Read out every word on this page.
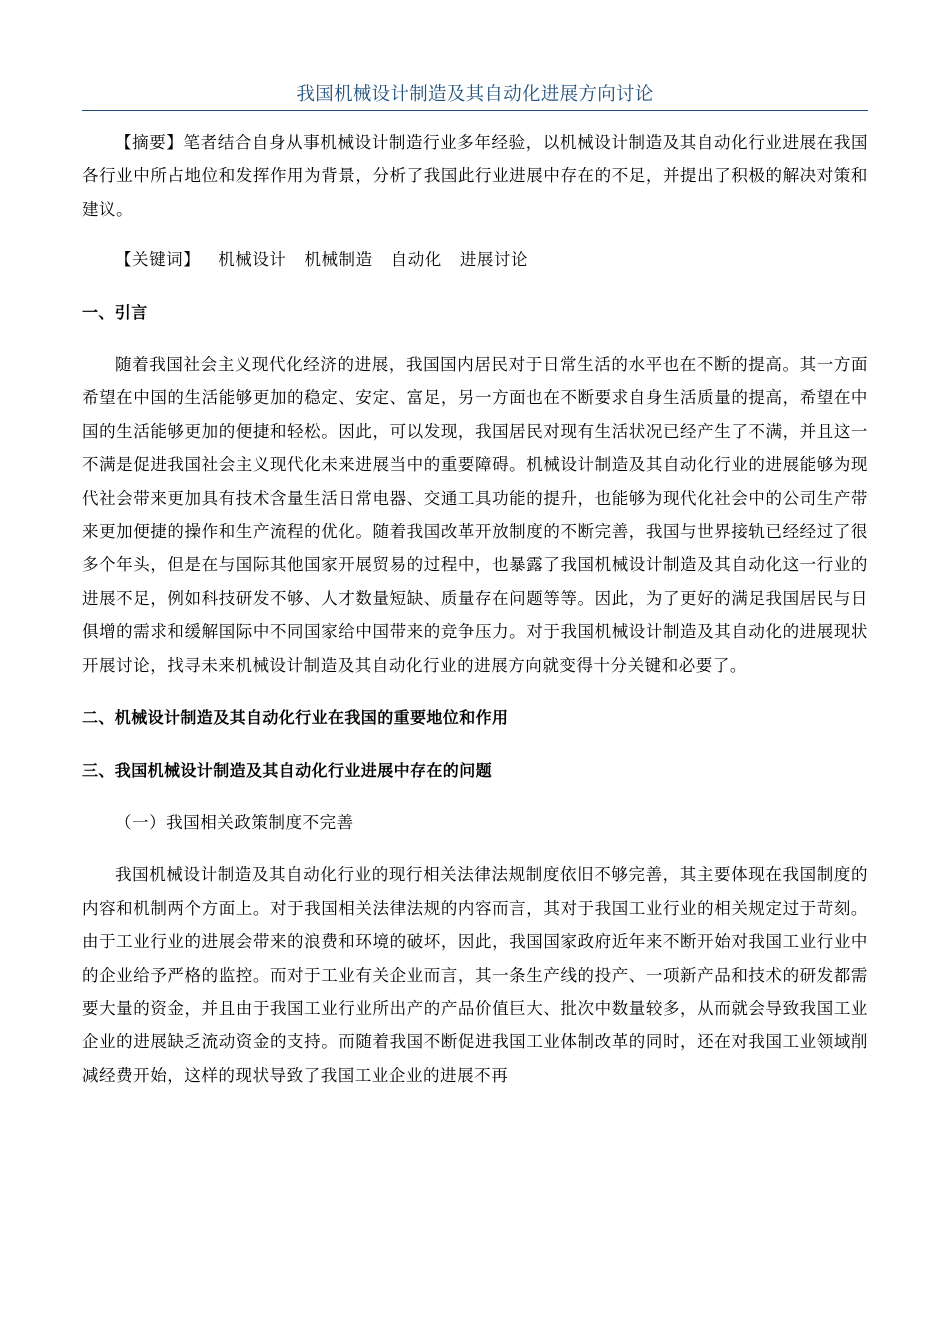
我国机械设计制造及其自动化进展方向讨论

【摘要】笔者结合自身从事机械设计制造行业多年经验，以机械设计制造及其自动化行业进展在我国各行业中所占地位和发挥作用为背景，分析了我国此行业进展中存在的不足，并提出了积极的解决对策和建议。

【关键词】 机械设计 机械制造 自动化 进展讨论

一、引言

随着我国社会主义现代化经济的进展，我国国内居民对于日常生活的水平也在不断的提高。其一方面希望在中国的生活能够更加的稳定、安定、富足，另一方面也在不断要求自身生活质量的提高，希望在中国的生活能够更加的便捷和轻松。因此，可以发现，我国居民对现有生活状况已经产生了不满，并且这一不满是促进我国社会主义现代化未来进展当中的重要障碍。机械设计制造及其自动化行业的进展能够为现代社会带来更加具有技术含量生活日常电器、交通工具功能的提升，也能够为现代化社会中的公司生产带来更加便捷的操作和生产流程的优化。随着我国改革开放制度的不断完善，我国与世界接轨已经经过了很多个年头，但是在与国际其他国家开展贸易的过程中，也暴露了我国机械设计制造及其自动化这一行业的进展不足，例如科技研发不够、人才数量短缺、质量存在问题等等。因此，为了更好的满足我国居民与日俱增的需求和缓解国际中不同国家给中国带来的竞争压力。对于我国机械设计制造及其自动化的进展现状开展讨论，找寻未来机械设计制造及其自动化行业的进展方向就变得十分关键和必要了。

二、机械设计制造及其自动化行业在我国的重要地位和作用

三、我国机械设计制造及其自动化行业进展中存在的问题

（一）我国相关政策制度不完善

我国机械设计制造及其自动化行业的现行相关法律法规制度依旧不够完善，其主要体现在我国制度的内容和机制两个方面上。对于我国相关法律法规的内容而言，其对于我国工业行业的相关规定过于苛刻。由于工业行业的进展会带来的浪费和环境的破坏，因此，我国国家政府近年来不断开始对我国工业行业中的企业给予严格的监控。而对于工业有关企业而言，其一条生产线的投产、一项新产品和技术的研发都需要大量的资金，并且由于我国工业行业所出产的产品价值巨大、批次中数量较多，从而就会导致我国工业企业的进展缺乏流动资金的支持。而随着我国不断促进我国工业体制改革的同时，还在对我国工业领域削减经费开始，这样的现状导致了我国工业企业的进展不再
